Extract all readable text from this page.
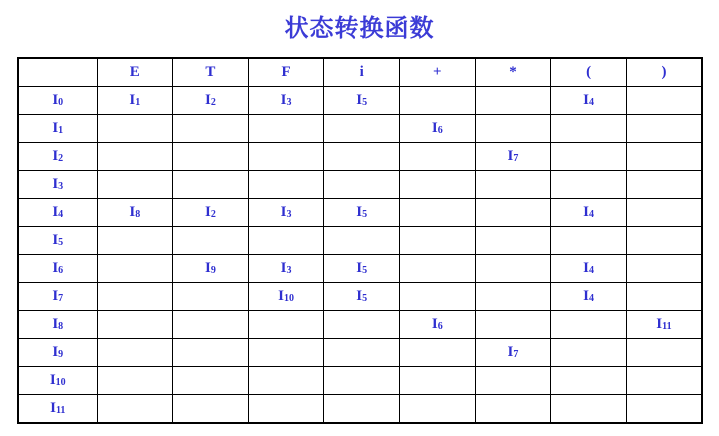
状态转换函数
	E	T	F	i	+	*	(	)
$I_0$	$I_1$	$I_2$	$I_3$	$I_5$			$I_4$	
$I_1$					$I_6$			
$I_2$						$I_7$		
$I_3$								
$I_4$	$I_8$	$I_2$	$I_3$	$I_5$			$I_4$	
$I_5$								
$I_6$		$I_9$	$I_3$	$I_5$			$I_4$	
$I_7$			$I_{10}$	$I_5$			$I_4$	
$I_8$					$I_6$			$I_{11}$
$I_9$						$I_7$		
$I_{10}$								
$I_{11}$								
